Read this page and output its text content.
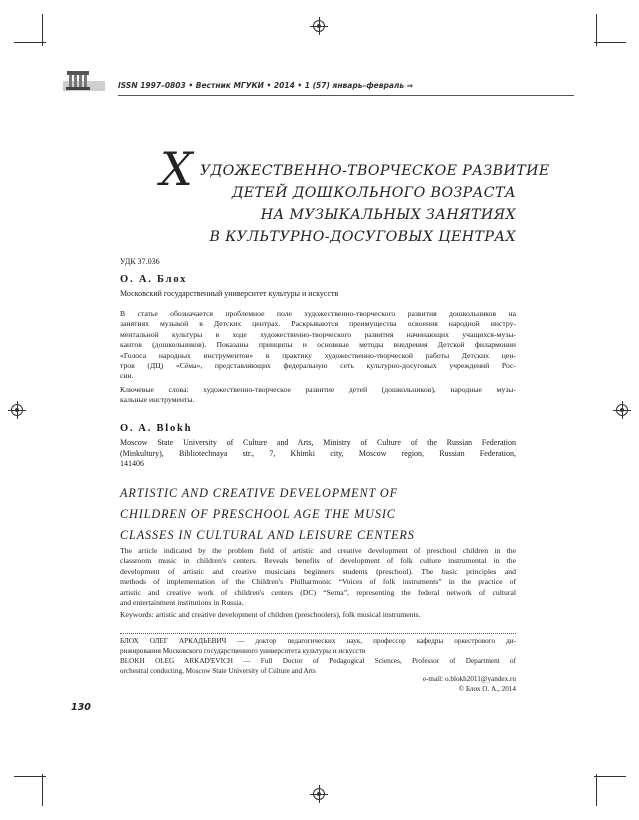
ISSN 1997–0803 • Вестник МГУКИ • 2014 • 1 (57) январь–февраль ⇒
Х УДОЖЕСТВЕННО-ТВОРЧЕСКОЕ РАЗВИТИЕ
ДЕТЕЙ ДОШКОЛЬНОГО ВОЗРАСТА
НА МУЗЫКАЛЬНЫХ ЗАНЯТИЯХ
В КУЛЬТУРНО-ДОСУГОВЫХ ЦЕНТРАХ
УДК 37.036
О. А. Блох
Московский государственный университет культуры и искусств
В статье обозначается проблемное поле художественно-творческого развития дошкольников на
занятиях музыкой в Детских центрах. Раскрываются преимущества освоения народной инстру-
ментальной культуры в ходе художественно-творческого развития начинающих учащихся-музы-
кантов (дошкольников). Показаны принципы и основные методы внедрения Детской филармонии
«Голоса народных инструментов» в практику художественно-творческой работы Детских цен-
тров (ДЦ) «Сёма», представляющих федеральную сеть культурно-досуговых учреждений Рос-
сии.
Ключевые слова: художественно-творческое развитие детей (дошкольников), народные музы-
кальные инструменты.
O. A. Blokh
Moscow State University of Culture and Arts, Ministry of Culture of the Russian Federation
(Minkultury), Bibliotechnaya str., 7, Khimki city, Moscow region, Russian Federation,
141406
ARTISTIC AND CREATIVE DEVELOPMENT OF
CHILDREN OF PRESCHOOL AGE THE MUSIC
CLASSES IN CULTURAL AND LEISURE CENTERS
The article indicated by the problem field of artistic and creative development of preschool children in the
classroom music in children's centers. Reveals benefits of development of folk culture instrumental in the
development of artistic and creative musicians beginners students (preschool). The basic principles and
methods of implementation of the Children's Philharmonic “Voices of folk instruments” in the practice of
artistic and creative work of children's centers (DC) “Sema”, representing the federal network of cultural
and entertainment institutions in Russia.
Keywords: artistic and creative development of children (preschoolers), folk musical instruments.
БЛОХ ОЛЕГ АРКАДЬЕВИЧ — доктор педагогических наук, профессор кафедры оркестрового ди-
рижирования Московского государственного университета культуры и искусств
BLOKH OLEG ARKAD'EVICH — Full Doctor of Pedagogical Sciences, Professor of Department of
orchestral conducting, Moscow State University of Culture and Arts
e-mail: o.blokh2011@yandex.ru
© Блох О. А., 2014
130
